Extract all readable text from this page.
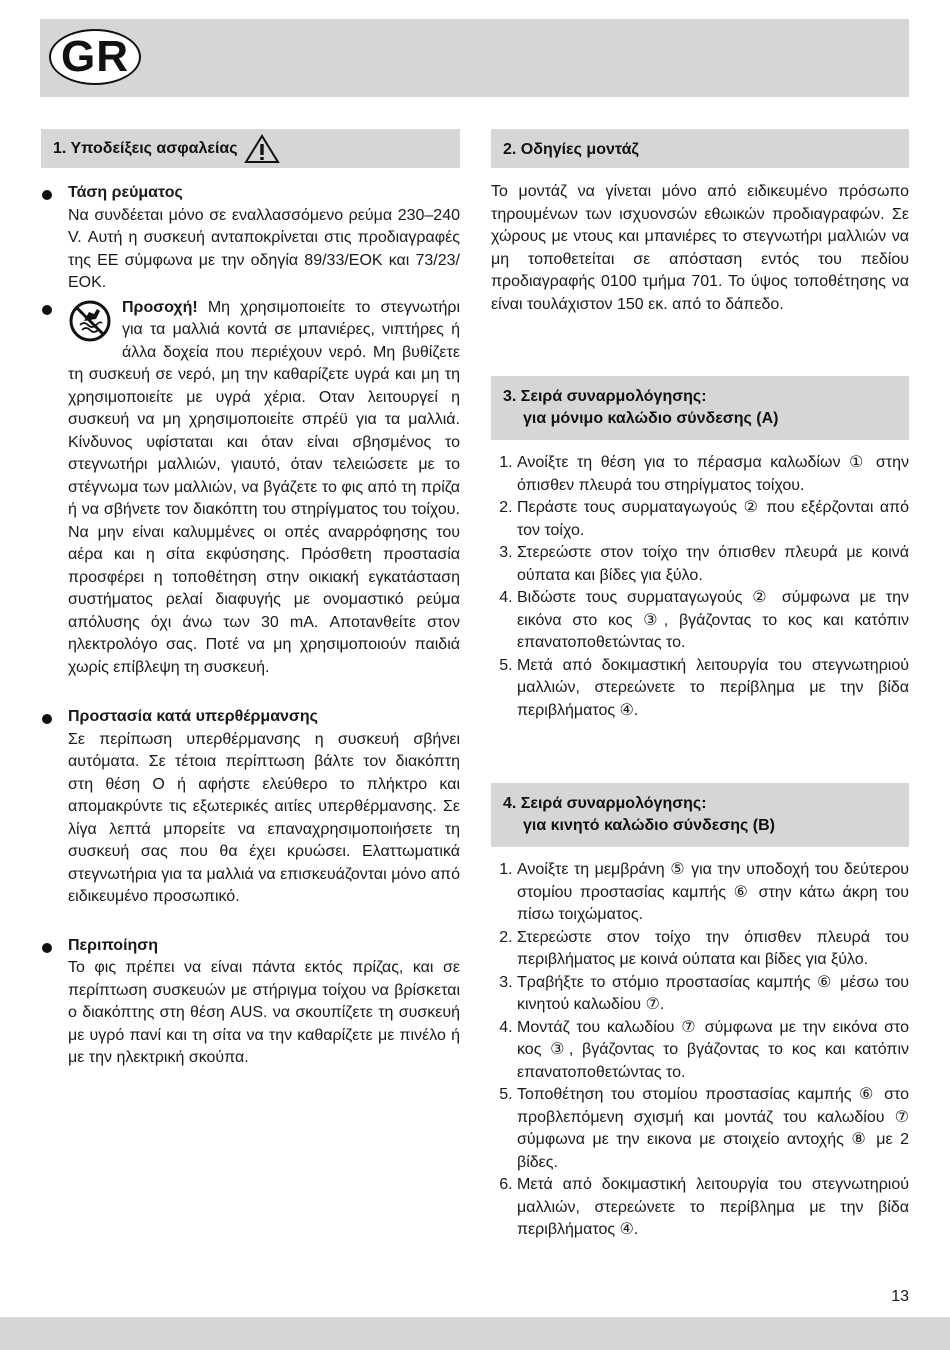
GR
1. Υποδείξεις ασφαλείας
Τάση ρεύματος

Να συνδέεται μόνο σε εναλλασσόμενο ρεύμα 230–240 V. Αυτή η συσκευή ανταποκρίνεται στις προδιαγραφές της ΕΕ σύμφωνα με την οδηγία 89/33/ΕΟΚ και 73/23/ΕΟΚ.

Προσοχή! Μη χρησιμοποιείτε το στεγνωτήρι για τα μαλλιά κοντά σε μπανιέρες, νιπτήρες ή άλλα δοχεία που περιέχουν νερό. Μη βυθίζετε τη συσκευή σε νερό, μη την καθαρίζετε υγρά και μη τη χρησιμοποιείτε με υγρά χέρια. Οταν λειτουργεί η συσκευή να μη χρησιμοποιείτε σπρέϋ για τα μαλλιά. Κίνδυνος υφίσταται και όταν είναι σβησμένος το στεγνωτήρι μαλλιών, γιαυτό, όταν τελειώσετε με το στέγνωμα των μαλλιών, να βγάζετε το φις από τη πρίζα ή να σβήνετε τον διακόπτη του στηρίγματος του τοίχου. Να μην είναι καλυμμένες οι οπές αναρρόφησης του αέρα και η σίτα εκφύσησης. Πρόσθετη προστασία προσφέρει η τοποθέτηση στην οικιακή εγκατάσταση συστήματος ρελαί διαφυγής με ονομαστικό ρεύμα απόλυσης όχι άνω των 30 mA. Αποτανθείτε στον ηλεκτρολόγο σας. Ποτέ να μη χρησιμοποιούν παιδιά χωρίς επίβλεψη τη συσκευή.

Προστασία κατά υπερθέρμανσης

Σε περίπωση υπερθέρμανσης η συσκευή σβήνει αυτόματα. Σε τέτοια περίπτωση βάλτε τον διακόπτη στη θέση O ή αφήστε ελεύθερο το πλήκτρο και απομακρύντε τις εξωτερικές αιτίες υπερθέρμανσης. Σε λίγα λεπτά μπορείτε να επαναχρησιμοποιήσετε τη συσκευή σας που θα έχει κρυώσει. Ελαττωματικά στεγνωτήρια για τα μαλλιά να επισκευάζονται μόνο από ειδικευμένο προσωπικό.

Περιποίηση

Το φις πρέπει να είναι πάντα εκτός πρίζας, και σε περίπτωση συσκευών με στήριγμα τοίχου να βρίσκεται ο διακόπτης στη θέση AUS. να σκουπίζετε τη συσκευή με υγρό πανί και τη σίτα να την καθαρίζετε με πινέλο ή με την ηλεκτρική σκούπα.

2. Οδηγίες μοντάζ

Το μοντάζ να γίνεται μόνο από ειδικευμένο πρόσωπο τηρουμένων των ισχυονσών εθωικών προδιαγραφών. Σε χώρους με ντους και μπανιέρες το στεγνωτήρι μαλλιών να μη τοποθετείται σε απόσταση εντός του πεδίου προδιαγραφής 0100 τμήμα 701. Το ύψος τοποθέτησης να είναι τουλάχιστον 150 εκ. από το δάπεδο.

3. Σειρά συναρμολόγησης:
για μόνιμο καλώδιο σύνδεσης (A)
1. Ανοίξτε τη θέση για το πέρασμα καλωδίων ① στην όπισθεν πλευρά του στηρίγματος τοίχου.
2. Περάστε τους συρματαγωγούς ② που εξέρζονται από τον τοίχο.
3. Στερεώστε στον τοίχο την όπισθεν πλευρά με κοινά ούπατα και βίδες για ξύλο.
4. Βιδώστε τους συρματαγωγούς ② σύμφωνα με την εικόνα στο κος ③, βγάζοντας το κος και κατόπιν επανατοποθετώντας το.
5. Μετά από δοκιμαστική λειτουργία του στεγνωτηριού μαλλιών, στερεώνετε το περίβλημα με την βίδα περιβλήματος ④.
4. Σειρά συναρμολόγησης:
για κινητό καλώδιο σύνδεσης (B)
1. Ανοίξτε τη μεμβράνη ⑤ για την υποδοχή του δεύτερου στομίου προστασίας καμπής ⑥ στην κάτω άκρη του πίσω τοιχώματος.
2. Στερεώστε στον τοίχο την όπισθεν πλευρά του περιβλήματος με κοινά ούπατα και βίδες για ξύλο.
3. Τραβήξτε το στόμιο προστασίας καμπής ⑥ μέσω του κινητού καλωδίου ⑦.
4. Μοντάζ του καλωδίου ⑦ σύμφωνα με την εικόνα στο κος ③, βγάζοντας το βγάζοντας το κος και κατόπιν επανατοποθετώντας το.
5. Τοποθέτηση του στομίου προστασίας καμπής ⑥ στο προβλεπόμενη σχισμή και μοντάζ του καλωδίου ⑦ σύμφωνα με την εικονα με στοιχείο αντοχής ⑧ με 2 βίδες.
6. Μετά από δοκιμαστική λειτουργία του στεγνωτηριού μαλλιών, στερεώνετε το περίβλημα με την βίδα περιβλήματος ④.
13
